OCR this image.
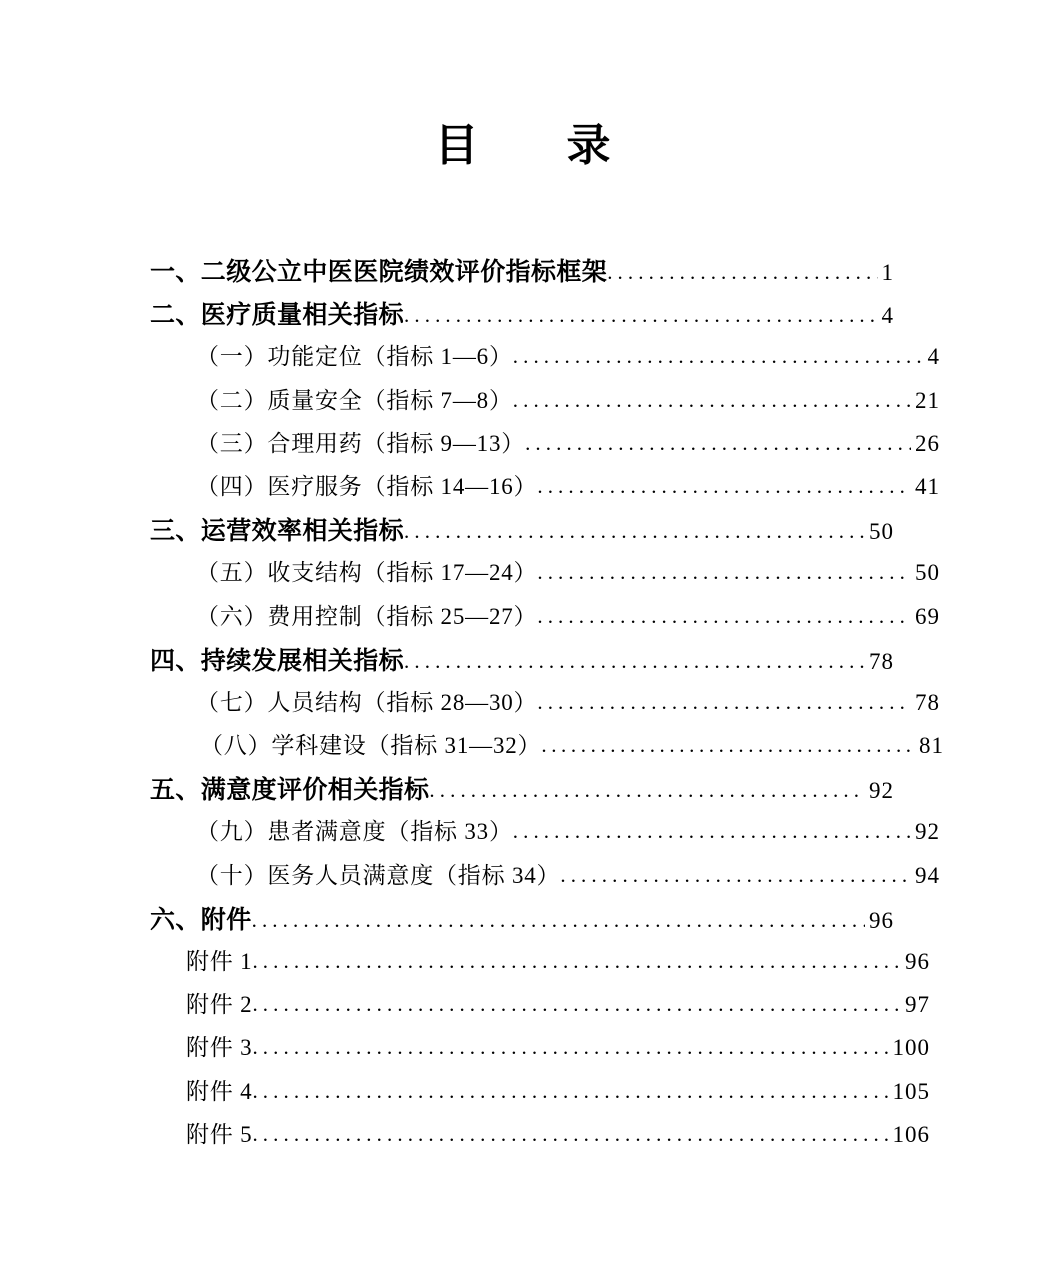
目　录
一、二级公立中医医院绩效评价指标框架 .....	1
二、医疗质量相关指标 .....	4
（一）功能定位（指标 1—6） .....	4
（二）质量安全（指标 7—8） .....	21
（三）合理用药（指标 9—13） .....	26
（四）医疗服务（指标 14—16） .....	41
三、运营效率相关指标 .....	50
（五）收支结构（指标 17—24） .....	50
（六）费用控制（指标 25—27） .....	69
四、持续发展相关指标 .....	78
（七）人员结构（指标 28—30） .....	78
（八）学科建设（指标 31—32） .....	81
五、满意度评价相关指标 .....	92
（九）患者满意度（指标 33） .....	92
（十）医务人员满意度（指标 34） .....	94
六、附件 .....	96
附件 1 .....	96
附件 2 .....	97
附件 3 .....	100
附件 4 .....	105
附件 5 .....	106
